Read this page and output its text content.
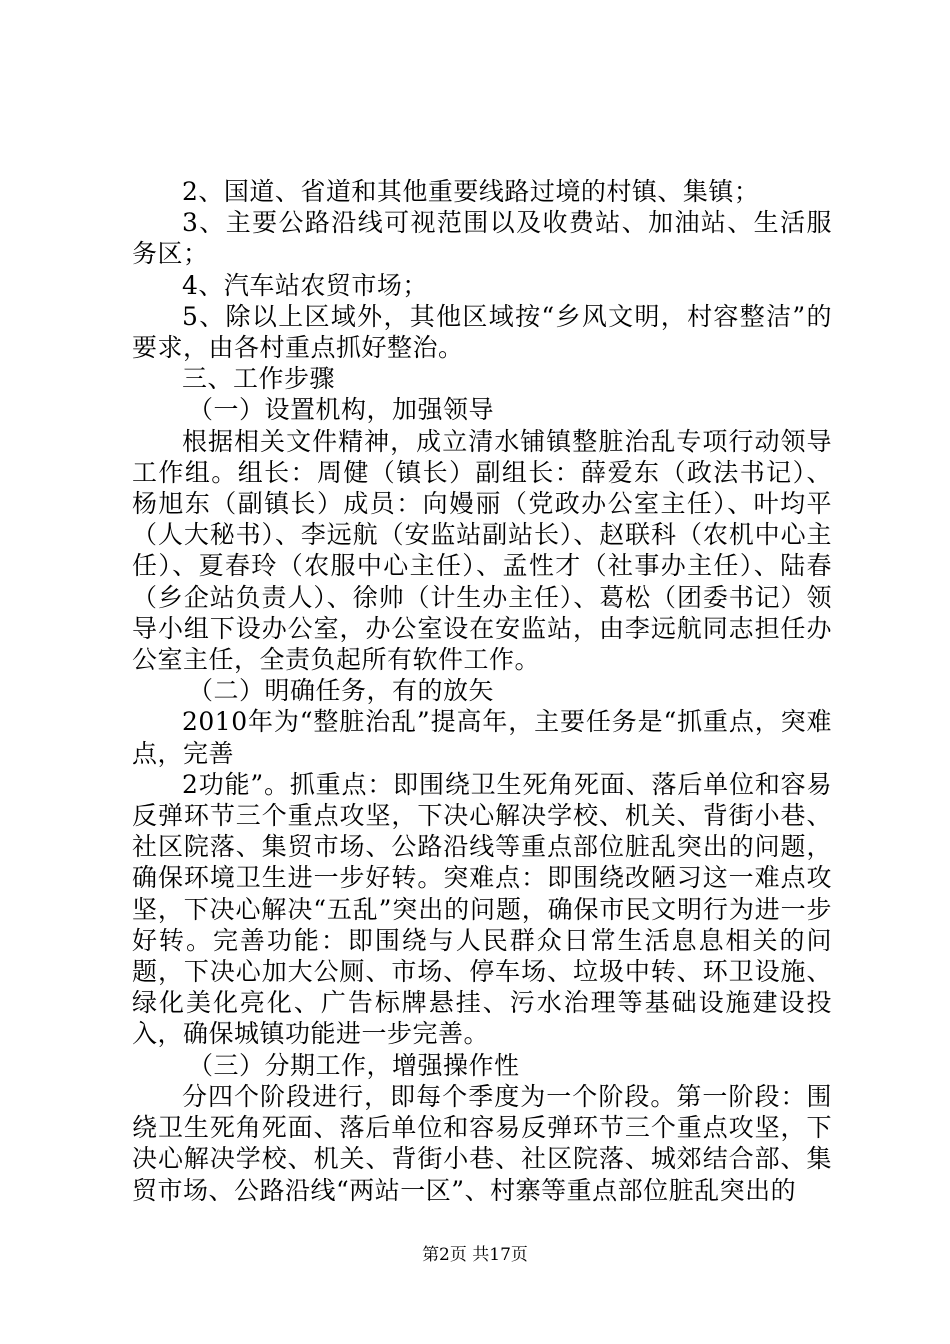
2、国道、省道和其他重要线路过境的村镇、集镇；

3、主要公路沿线可视范围以及收费站、加油站、生活服务区；

4、汽车站农贸市场；

5、除以上区域外，其他区域按“乡风文明，村容整洁”的要求，由各村重点抓好整治。

三、工作步骤

（一）设置机构，加强领导

根据相关文件精神，成立清水铺镇整脏治乱专项行动领导工作组。组长：周健（镇长）副组长：薛爱东（政法书记）、杨旭东（副镇长）成员：向嫚丽（党政办公室主任）、叶均平（人大秘书）、李远航（安监站副站长）、赵联科（农机中心主任）、夏春玲（农服中心主任）、孟性才（社事办主任）、陆春（乡企站负责人）、徐帅（计生办主任）、葛松（团委书记）领导小组下设办公室，办公室设在安监站，由李远航同志担任办公室主任，全责负起所有软件工作。

（二）明确任务，有的放矢

2010年为“整脏治乱”提高年，主要任务是“抓重点，突难点，完善

2功能”。抓重点：即围绕卫生死角死面、落后单位和容易反弹环节三个重点攻坚，下决心解决学校、机关、背街小巷、社区院落、集贸市场、公路沿线等重点部位脏乱突出的问题，确保环境卫生进一步好转。突难点：即围绕改陋习这一难点攻坚，下决心解决“五乱”突出的问题，确保市民文明行为进一步好转。完善功能：即围绕与人民群众日常生活息息相关的问题，下决心加大公厕、市场、停车场、垃圾中转、环卫设施、绿化美化亮化、广告标牌悬挂、污水治理等基础设施建设投入，确保城镇功能进一步完善。

（三）分期工作，增强操作性

分四个阶段进行，即每个季度为一个阶段。第一阶段：围绕卫生死角死面、落后单位和容易反弹环节三个重点攻坚，下决心解决学校、机关、背街小巷、社区院落、城郊结合部、集贸市场、公路沿线“两站一区”、村寨等重点部位脏乱突出的

第2页 共17页
